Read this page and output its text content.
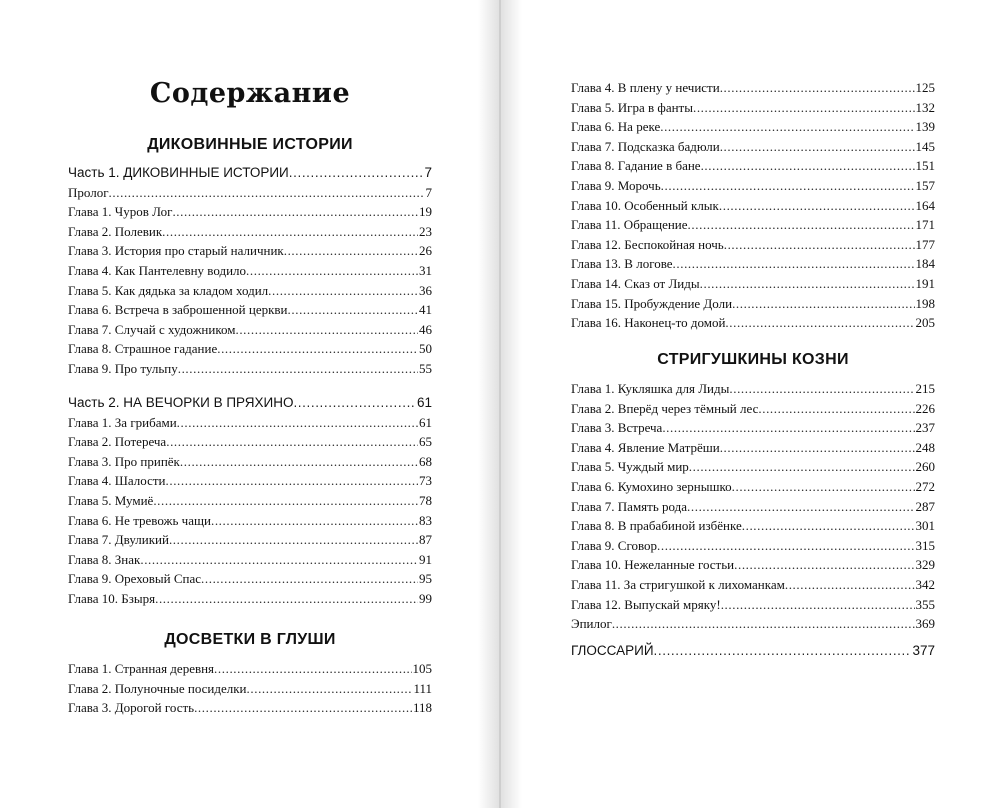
Содержание
ДИКОВИННЫЕ ИСТОРИИ
Часть 1. ДИКОВИННЫЕ ИСТОРИИ .....	7
Пролог .....	7
Глава 1. Чуров Лог .....	19
Глава 2. Полевик .....	23
Глава 3. История про старый наличник .....	26
Глава 4. Как Пантелевну водило .....	31
Глава 5. Как дядька за кладом ходил .....	36
Глава 6. Встреча в заброшенной церкви .....	41
Глава 7. Случай с художником .....	46
Глава 8. Страшное гадание .....	50
Глава 9. Про тульпу .....	55
Часть 2. НА ВЕЧОРКИ В ПРЯХИНО .....	61
Глава 1. За грибами .....	61
Глава 2. Потереча .....	65
Глава 3. Про припёк .....	68
Глава 4. Шалости .....	73
Глава 5. Мумиё .....	78
Глава 6. Не тревожь чащи .....	83
Глава 7. Двуликий .....	87
Глава 8. Знак .....	91
Глава 9. Ореховый Спас .....	95
Глава 10. Бзыря .....	99
ДОСВЕТКИ В ГЛУШИ
Глава 1. Странная деревня .....	105
Глава 2. Полуночные посиделки .....	111
Глава 3. Дорогой гость .....	118
Глава 4. В плену у нечисти .....	125
Глава 5. Игра в фанты .....	132
Глава 6. На реке .....	139
Глава 7. Подсказка бадюли .....	145
Глава 8. Гадание в бане .....	151
Глава 9. Морочь .....	157
Глава 10. Особенный клык .....	164
Глава 11. Обращение .....	171
Глава 12. Беспокойная ночь .....	177
Глава 13. В логове .....	184
Глава 14. Сказ от Лиды .....	191
Глава 15. Пробуждение Доли .....	198
Глава 16. Наконец-то домой .....	205
СТРИГУШКИНЫ КОЗНИ
Глава 1. Кукляшка для Лиды .....	215
Глава 2. Вперёд через тёмный лес .....	226
Глава 3. Встреча .....	237
Глава 4. Явление Матрёши .....	248
Глава 5. Чуждый мир .....	260
Глава 6. Кумохино зернышко .....	272
Глава 7. Память рода .....	287
Глава 8. В прабабиной избёнке .....	301
Глава 9. Сговор .....	315
Глава 10. Нежеланные гостьи .....	329
Глава 11. За стригушкой к лихоманкам .....	342
Глава 12. Выпускай мряку! .....	355
Эпилог .....	369
ГЛОССАРИЙ .....	377
